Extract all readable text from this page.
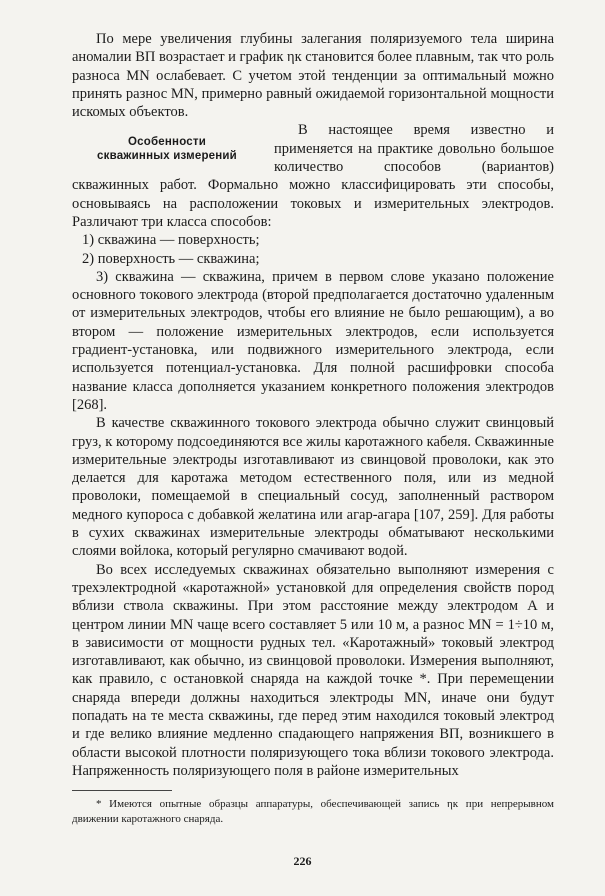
По мере увеличения глубины залегания поляризуемого тела ширина аномалии ВП возрастает и график ηк становится более плавным, так что роль разноса MN ослабевает. С учетом этой тенденции за оптимальный можно принять разнос MN, примерно равный ожидаемой горизонтальной мощности искомых объектов.

Особенности
скважинных измерений

В настоящее время известно и применяется на практике довольно большое количество способов (вариантов) скважинных работ. Формально можно классифицировать эти способы, основываясь на расположении токовых и измерительных электродов. Различают три класса способов:

1) скважина — поверхность;

2) поверхность — скважина;

3) скважина — скважина, причем в первом слове указано положение основного токового электрода (второй предполагается достаточно удаленным от измерительных электродов, чтобы его влияние не было решающим), а во втором — положение измерительных электродов, если используется градиент-установка, или подвижного измерительного электрода, если используется потенциал-установка. Для полной расшифровки способа название класса дополняется указанием конкретного положения электродов [268].

В качестве скважинного токового электрода обычно служит свинцовый груз, к которому подсоединяются все жилы каротажного кабеля. Скважинные измерительные электроды изготавливают из свинцовой проволоки, как это делается для каротажа методом естественного поля, или из медной проволоки, помещаемой в специальный сосуд, заполненный раствором медного купороса с добавкой желатина или агар-агара [107, 259]. Для работы в сухих скважинах измерительные электроды обматывают несколькими слоями войлока, который регулярно смачивают водой.

Во всех исследуемых скважинах обязательно выполняют измерения с трехэлектродной «каротажной» установкой для определения свойств пород вблизи ствола скважины. При этом расстояние между электродом A и центром линии MN чаще всего составляет 5 или 10 м, а разнос MN = 1÷10 м, в зависимости от мощности рудных тел. «Каротажный» токовый электрод изготавливают, как обычно, из свинцовой проволоки. Измерения выполняют, как правило, с остановкой снаряда на каждой точке *. При перемещении снаряда впереди должны находиться электроды MN, иначе они будут попадать на те места скважины, где перед этим находился токовый электрод и где велико влияние медленно спадающего напряжения ВП, возникшего в области высокой плотности поляризующего тока вблизи токового электрода. Напряженность поляризующего поля в районе измерительных

* Имеются опытные образцы аппаратуры, обеспечивающей запись ηк при непрерывном движении каротажного снаряда.

226
